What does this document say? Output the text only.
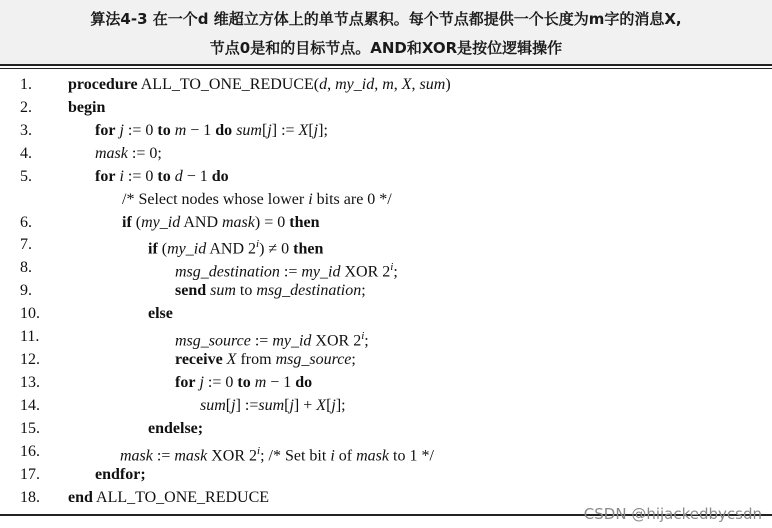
算法4-3 在一个d 维超立方体上的单节点累积。每个节点都提供一个长度为m字的消息X,
节点0是和的目标节点。AND和XOR是按位逻辑操作
1.	procedure ALL_TO_ONE_REDUCE(d, my_id, m, X, sum)
2.	begin
3.	for j := 0 to m − 1 do sum[j] := X[j];
4.	mask := 0;
5.	for i := 0 to d − 1 do
/* Select nodes whose lower i bits are 0 */
6.	if (my_id AND mask) = 0 then
7.	if (my_id AND $2^i) \ne 0$ then
8.	msg_destination := my_id XOR 2$^i$;
9.	send sum to msg_destination;
10.	else
11.	msg_source := my_id XOR 2$^i$;
12.	receive X from msg_source;
13.	for j := 0 to m − 1 do
14.	sum[j] :=sum[j] + X[j];
15.	endelse;
16.	mask := mask XOR 2$^i$; /* Set bit i of mask to 1 */
17.	endfor;
18.	end ALL_TO_ONE_REDUCE
CSDN @hijackedbycsdn
